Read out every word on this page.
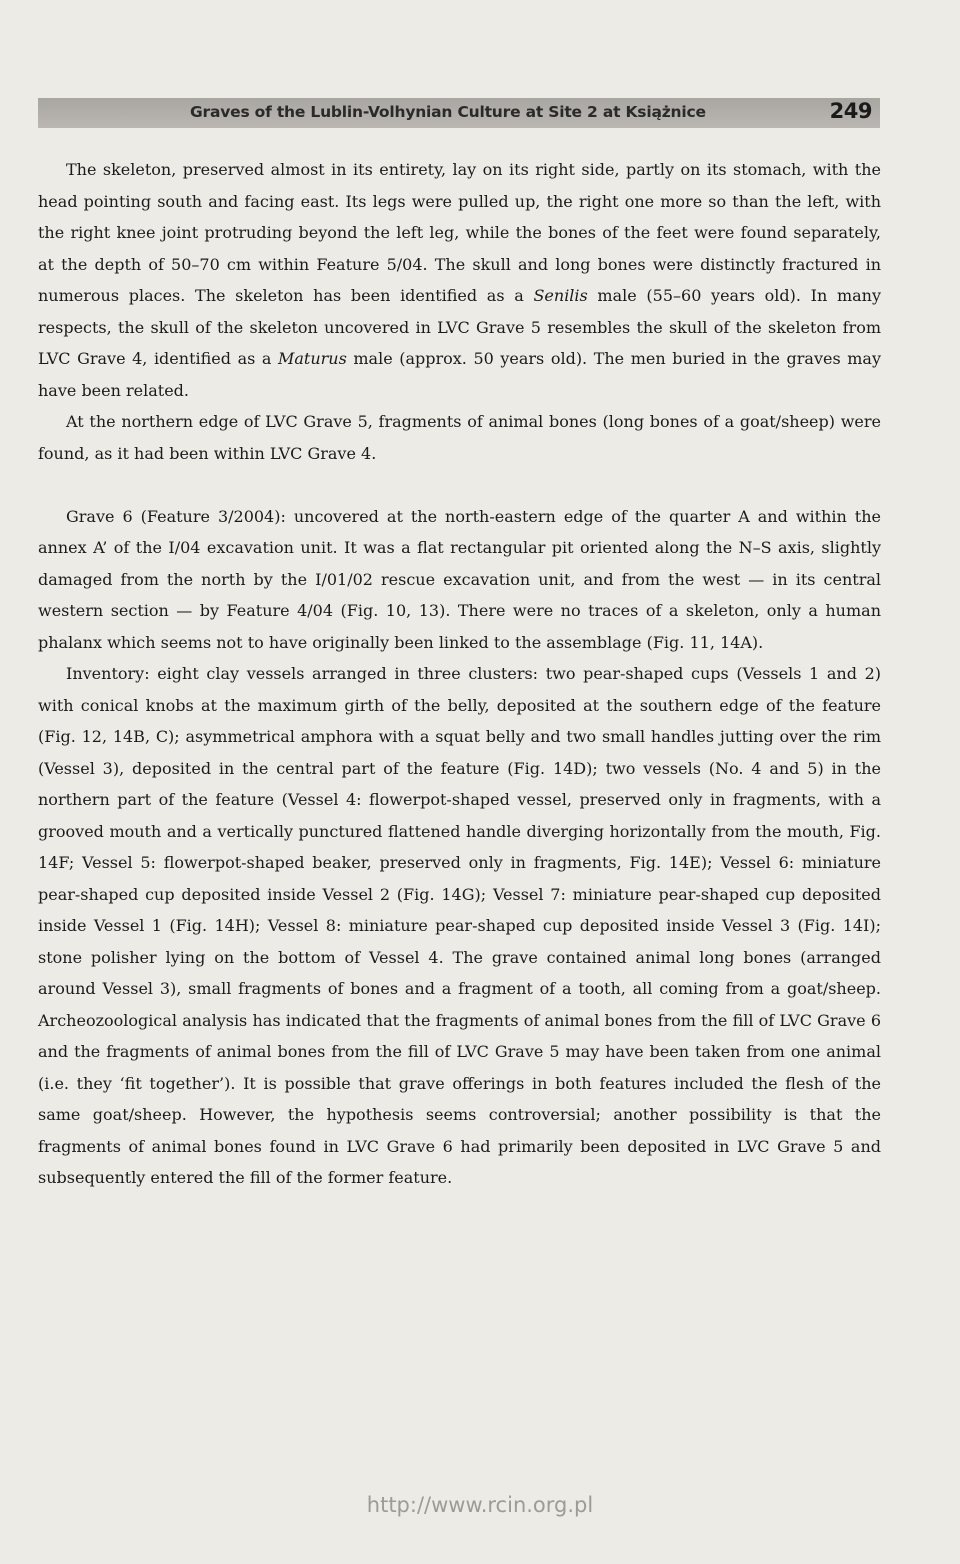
Graves of the Lublin-Volhynian Culture at Site 2 at Książnice	249

The skeleton, preserved almost in its entirety, lay on its right side, partly on its stomach, with the head pointing south and facing east. Its legs were pulled up, the right one more so than the left, with the right knee joint protruding beyond the left leg, while the bones of the feet were found separately, at the depth of 50–70 cm within Feature 5/04. The skull and long bones were distinctly fractured in numerous places. The skeleton has been identified as a Senilis male (55–60 years old). In many respects, the skull of the skeleton uncovered in LVC Grave 5 resembles the skull of the skeleton from LVC Grave 4, identified as a Maturus male (approx. 50 years old). The men buried in the graves may have been related.

At the northern edge of LVC Grave 5, fragments of animal bones (long bones of a goat/sheep) were found, as it had been within LVC Grave 4.

Grave 6 (Feature 3/2004): uncovered at the north-eastern edge of the quarter A and within the annex A’ of the I/04 excavation unit. It was a flat rectangular pit oriented along the N–S axis, slightly damaged from the north by the I/01/02 rescue excavation unit, and from the west — in its central western section — by Feature 4/04 (Fig. 10, 13). There were no traces of a skeleton, only a human phalanx which seems not to have originally been linked to the assemblage (Fig. 11, 14A).

Inventory: eight clay vessels arranged in three clusters: two pear-shaped cups (Vessels 1 and 2) with conical knobs at the maximum girth of the belly, deposited at the southern edge of the feature (Fig. 12, 14B, C); asymmetrical amphora with a squat belly and two small handles jutting over the rim (Vessel 3), deposited in the central part of the feature (Fig. 14D); two vessels (No. 4 and 5) in the northern part of the feature (Vessel 4: flowerpot-shaped vessel, preserved only in fragments, with a grooved mouth and a vertically punctured flattened handle diverging horizontally from the mouth, Fig. 14F; Vessel 5: flowerpot-shaped beaker, preserved only in fragments, Fig. 14E); Vessel 6: miniature pear-shaped cup deposited inside Vessel 2 (Fig. 14G); Vessel 7: miniature pear-shaped cup deposited inside Vessel 1 (Fig. 14H); Vessel 8: miniature pear-shaped cup deposited inside Vessel 3 (Fig. 14I); stone polisher lying on the bottom of Vessel 4. The grave contained animal long bones (arranged around Vessel 3), small fragments of bones and a fragment of a tooth, all coming from a goat/sheep. Archeozoological analysis has indicated that the fragments of animal bones from the fill of LVC Grave 6 and the fragments of animal bones from the fill of LVC Grave 5 may have been taken from one animal (i.e. they ‘fit together’). It is possible that grave offerings in both features included the flesh of the same goat/sheep. However, the hypothesis seems controversial; another possibility is that the fragments of animal bones found in LVC Grave 6 had primarily been deposited in LVC Grave 5 and subsequently entered the fill of the former feature.

http://www.rcin.org.pl
